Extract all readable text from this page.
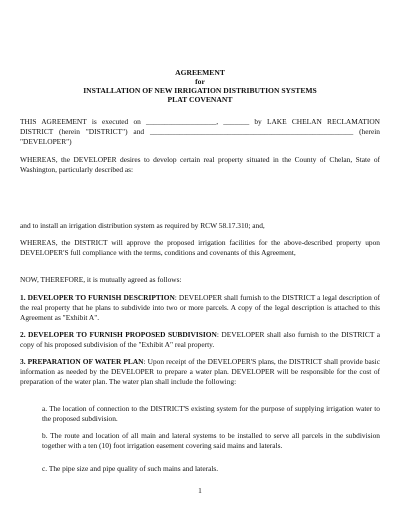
AGREEMENT
for
INSTALLATION OF NEW IRRIGATION DISTRIBUTION SYSTEMS
PLAT COVENANT
THIS AGREEMENT is executed on ___________________, _______ by LAKE CHELAN RECLAMATION DISTRICT (herein "DISTRICT") and _______________________________________________________ (herein "DEVELOPER")
WHEREAS, the DEVELOPER desires to develop certain real property situated in the County of Chelan, State of Washington, particularly described as:
and to install an irrigation distribution system as required by RCW 58.17.310; and,
WHEREAS, the DISTRICT will approve the proposed irrigation facilities for the above-described property upon DEVELOPER'S full compliance with the terms, conditions and covenants of this Agreement,
NOW, THEREFORE, it is mutually agreed as follows:
1. DEVELOPER TO FURNISH DESCRIPTION: DEVELOPER shall furnish to the DISTRICT a legal description of the real property that he plans to subdivide into two or more parcels. A copy of the legal description is attached to this Agreement as "Exhibit A".
2. DEVELOPER TO FURNISH PROPOSED SUBDIVISION: DEVELOPER shall also furnish to the DISTRICT a copy of his proposed subdivision of the "Exhibit A" real property.
3. PREPARATION OF WATER PLAN: Upon receipt of the DEVELOPER'S plans, the DISTRICT shall provide basic information as needed by the DEVELOPER to prepare a water plan. DEVELOPER will be responsible for the cost of preparation of the water plan. The water plan shall include the following:
a. The location of connection to the DISTRICT'S existing system for the purpose of supplying irrigation water to the proposed subdivision.
b. The route and location of all main and lateral systems to be installed to serve all parcels in the subdivision together with a ten (10) foot irrigation easement covering said mains and laterals.
c. The pipe size and pipe quality of such mains and laterals.
1
